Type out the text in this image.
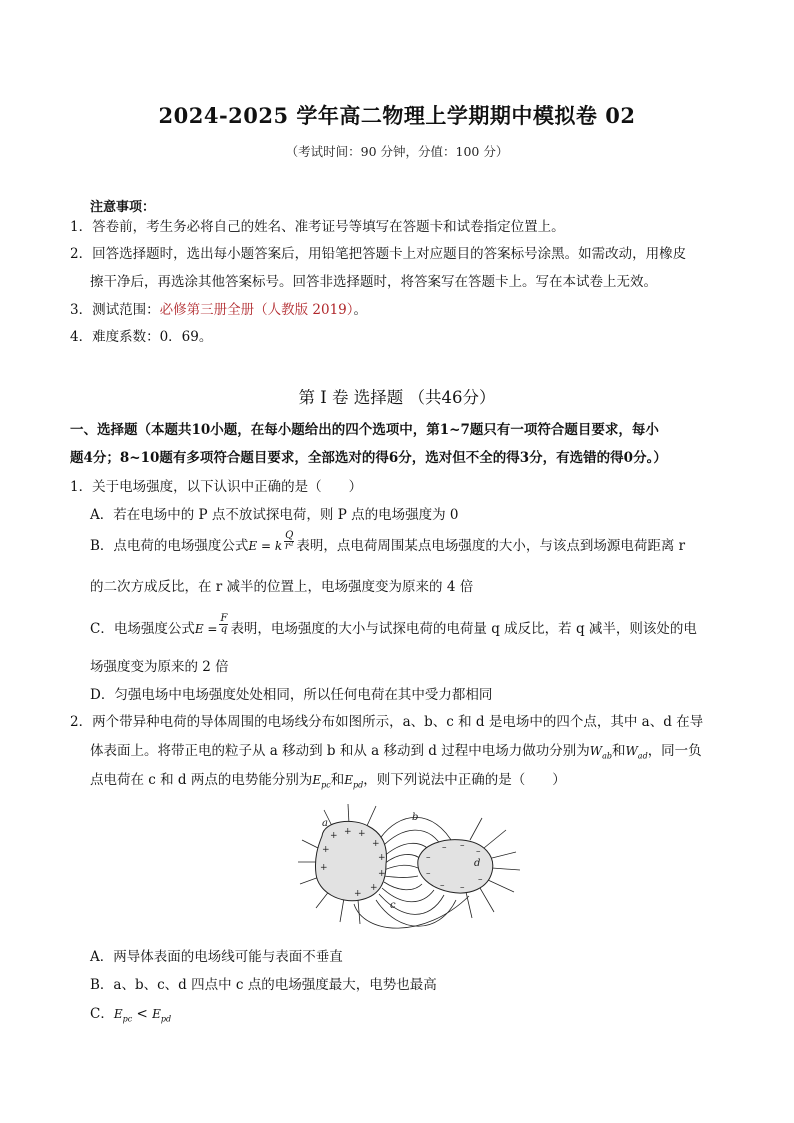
2024-2025 学年高二物理上学期期中模拟卷 02
（考试时间：90 分钟，分值：100 分）
注意事项：
1．答卷前，考生务必将自己的姓名、准考证号等填写在答题卡和试卷指定位置上。
2．回答选择题时，选出每小题答案后，用铅笔把答题卡上对应题目的答案标号涂黑。如需改动，用橡皮
擦干净后，再选涂其他答案标号。回答非选择题时，将答案写在答题卡上。写在本试卷上无效。
3．测试范围：必修第三册全册（人教版 2019）。
4．难度系数：0．69。
第 I 卷 选择题 （共46分）
一、选择题（本题共10小题，在每小题给出的四个选项中，第1~7题只有一项符合题目要求，每小
题4分；8~10题有多项符合题目要求，全部选对的得6分，选对但不全的得3分，有选错的得0分。）
1．关于电场强度，以下认识中正确的是（　　）
A．若在电场中的 P 点不放试探电荷，则 P 点的电场强度为 0
B．点电荷的电场强度公式E = k $\frac{Q}{\text{r²}}$ 表明，点电荷周围某点电场强度的大小，与该点到场源电荷距离 r
的二次方成反比，在 r 减半的位置上，电场强度变为原来的 4 倍
C．电场强度公式$E = \frac{F}{q}$ 表明，电场强度的大小与试探电荷的电荷量 q 成反比，若 q 减半，则该处的电
场强度变为原来的 2 倍
D．匀强电场中电场强度处处相同，所以任何电荷在其中受力都相同
2．两个带异种电荷的导体周围的电场线分布如图所示，a、b、c 和 d 是电场中的四个点，其中 a、d 在导
体表面上。将带正电的粒子从 a 移动到 b 和从 a 移动到 d 过程中电场力做功分别为$W_{ab}$和$W_{ad}$，同一负
点电荷在 c 和 d 两点的电势能分别为$E_{pc}$和$E_{pd}$，则下列说法中正确的是（　　）
+ + +
+
+
+
+
+
+
+
–
–
– –
–
– –
–
a
b
c
d
A．两导体表面的电场线可能与表面不垂直
B．a、b、c、d 四点中 c 点的电场强度最大，电势也最高
C．$E_{pc} < E_{pd}$
